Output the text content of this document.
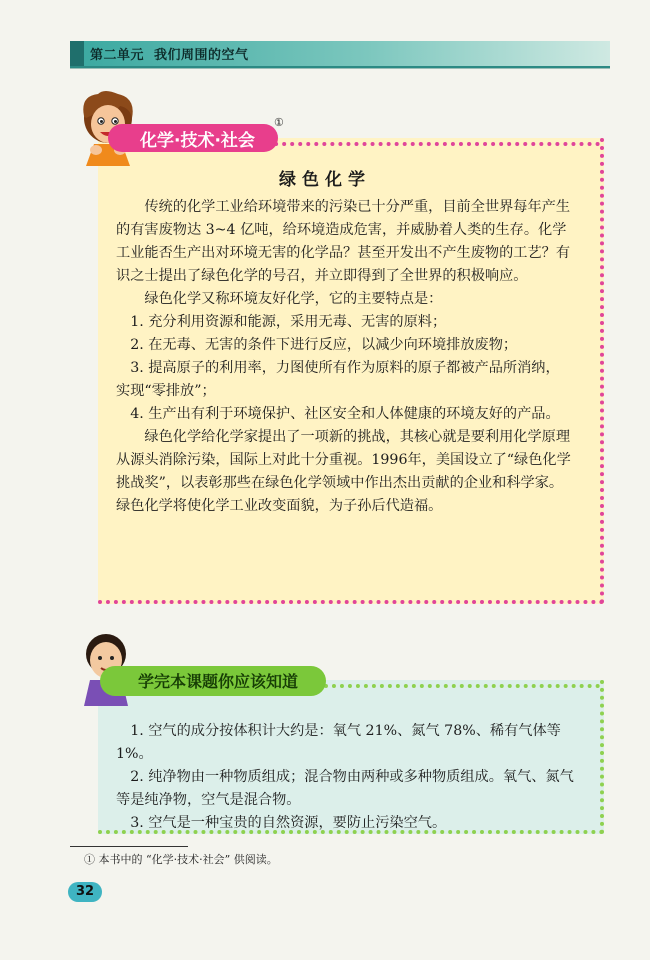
第二单元  我们周围的空气
化学·技术·社会
①
绿色化学

传统的化学工业给环境带来的污染已十分严重，目前全世界每年产生的有害废物达 3~4 亿吨，给环境造成危害，并威胁着人类的生存。化学工业能否生产出对环境无害的化学品？甚至开发出不产生废物的工艺？有识之士提出了绿色化学的号召，并立即得到了全世界的积极响应。

绿色化学又称环境友好化学，它的主要特点是：

1. 充分利用资源和能源，采用无毒、无害的原料；

2. 在无毒、无害的条件下进行反应，以减少向环境排放废物；

3. 提高原子的利用率，力图使所有作为原料的原子都被产品所消纳，实现“零排放”；

4. 生产出有利于环境保护、社区安全和人体健康的环境友好的产品。

绿色化学给化学家提出了一项新的挑战，其核心就是要利用化学原理从源头消除污染，国际上对此十分重视。1996年，美国设立了“绿色化学挑战奖”，以表彰那些在绿色化学领域中作出杰出贡献的企业和科学家。绿色化学将使化学工业改变面貌，为子孙后代造福。

学完本课题你应该知道

1. 空气的成分按体积计大约是：氧气 21%、氮气 78%、稀有气体等 1%。

2. 纯净物由一种物质组成；混合物由两种或多种物质组成。氧气、氮气等是纯净物，空气是混合物。

3. 空气是一种宝贵的自然资源，要防止污染空气。

① 本书中的 “化学·技术·社会” 供阅读。
32
